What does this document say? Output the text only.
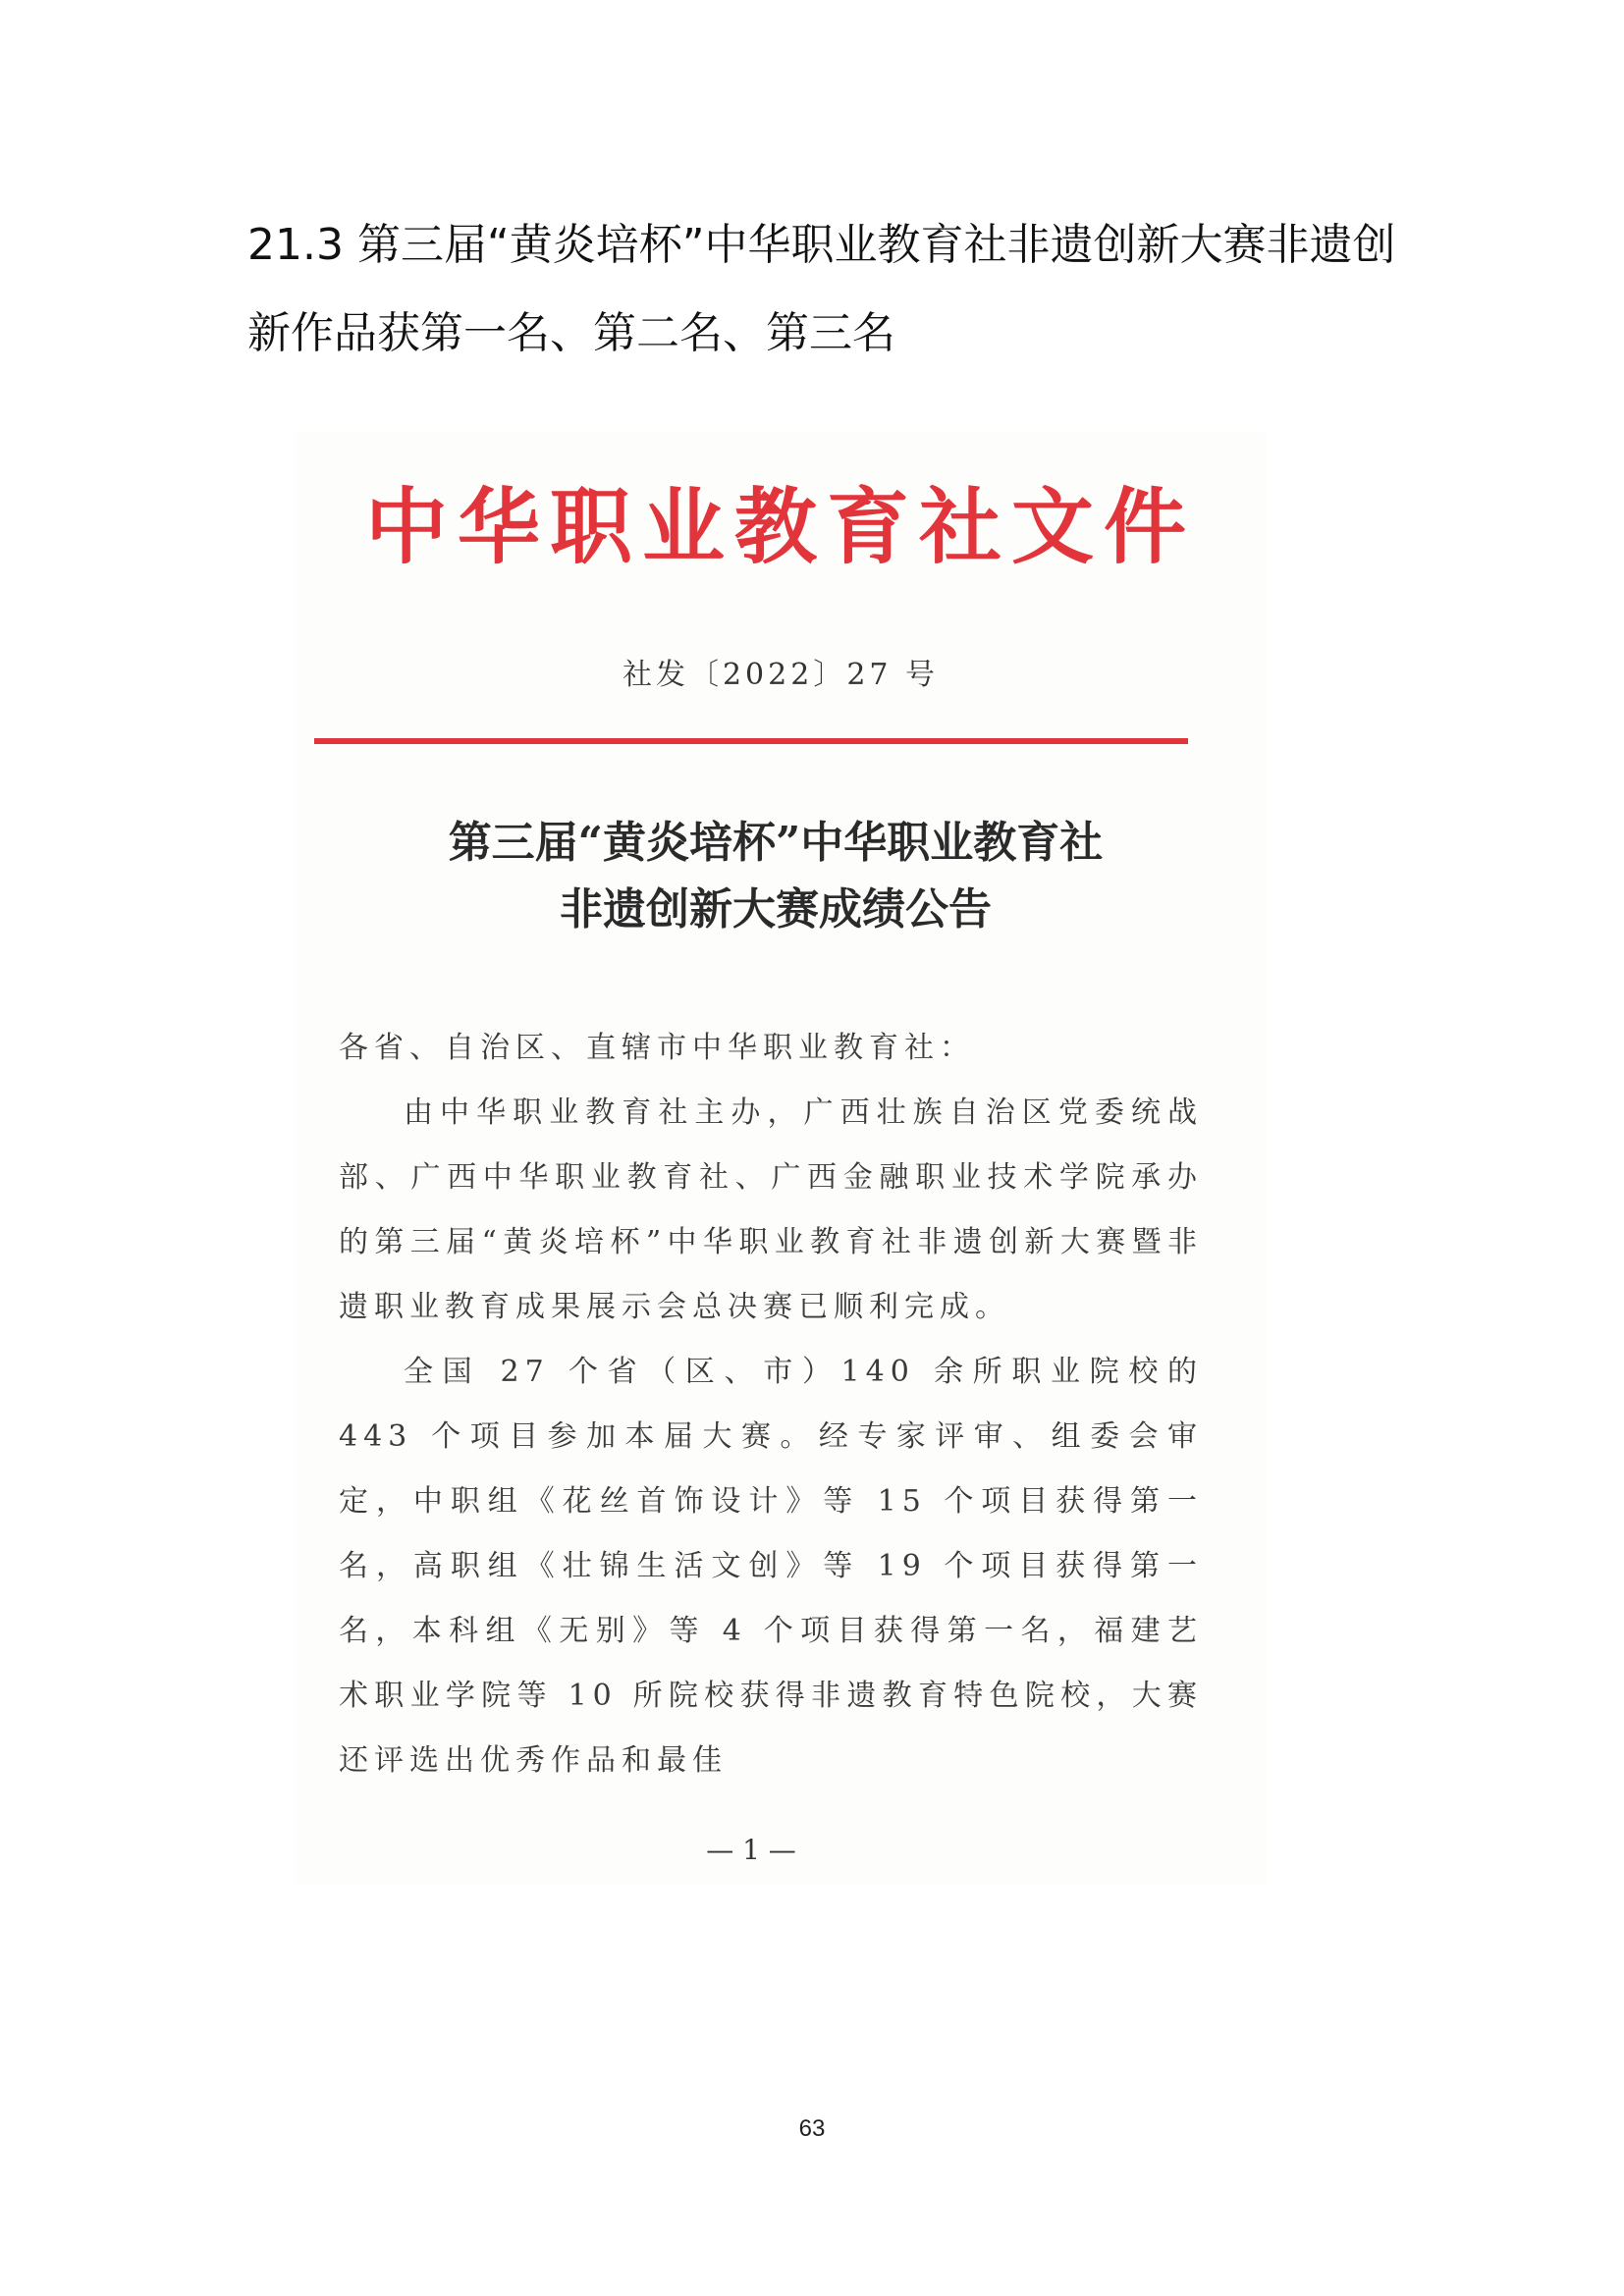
21.3 第三届“黄炎培杯”中华职业教育社非遗创新大赛非遗创
新作品获第一名、第二名、第三名
中华职业教育社文件
社发〔2022〕27 号
第三届“黄炎培杯”中华职业教育社
非遗创新大赛成绩公告

各省、自治区、直辖市中华职业教育社：

由中华职业教育社主办，广西壮族自治区党委统战部、广西中华职业教育社、广西金融职业技术学院承办的第三届“黄炎培杯”中华职业教育社非遗创新大赛暨非遗职业教育成果展示会总决赛已顺利完成。

全国 27 个省（区、市）140 余所职业院校的 443 个项目参加本届大赛。经专家评审、组委会审定，中职组《花丝首饰设计》等 15 个项目获得第一名，高职组《壮锦生活文创》等 19 个项目获得第一名，本科组《无别》等 4 个项目获得第一名，福建艺术职业学院等 10 所院校获得非遗教育特色院校，大赛还评选出优秀作品和最佳

— 1 —
63
